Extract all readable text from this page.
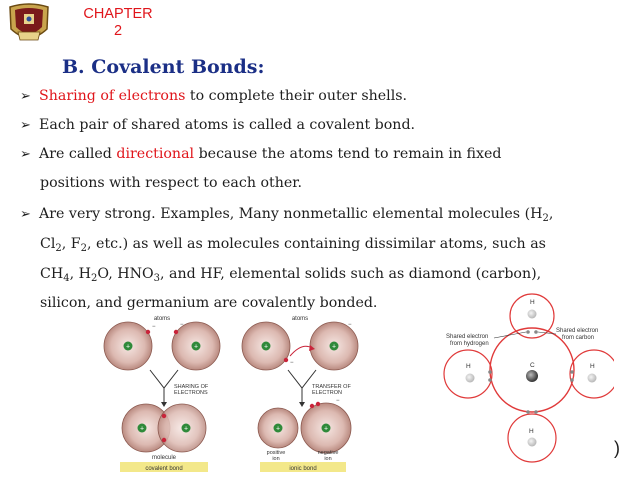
CHAPTER
2
B. Covalent Bonds:
➢ Sharing of electrons to complete their outer shells.
➢ Each pair of shared atoms is called a covalent bond.
➢ Are called directional because the atoms tend to remain in fixed
positions with respect to each other.
➢ Are very strong. Examples, Many nonmetallic elemental molecules ($H_2$,
$Cl_2$, $F_2$, etc.) as well as molecules containing dissimilar atoms, such as
$CH_4$, $H_2O$, $HNO_3$, and HF, elemental solids such as diamond (carbon),
silicon, and germanium are covalently bonded.
atoms
+	+
−	−
SHARING OF
ELECTRONS
+	+
molecule
covalent bond
atoms
+	+
−
−
TRANSFER OF
ELECTRON
+	+
−
positive
ion
negative
ion
ionic bond
H
H	C	H
H
Shared electron
from hydrogen
Shared electron
from carbon
)
